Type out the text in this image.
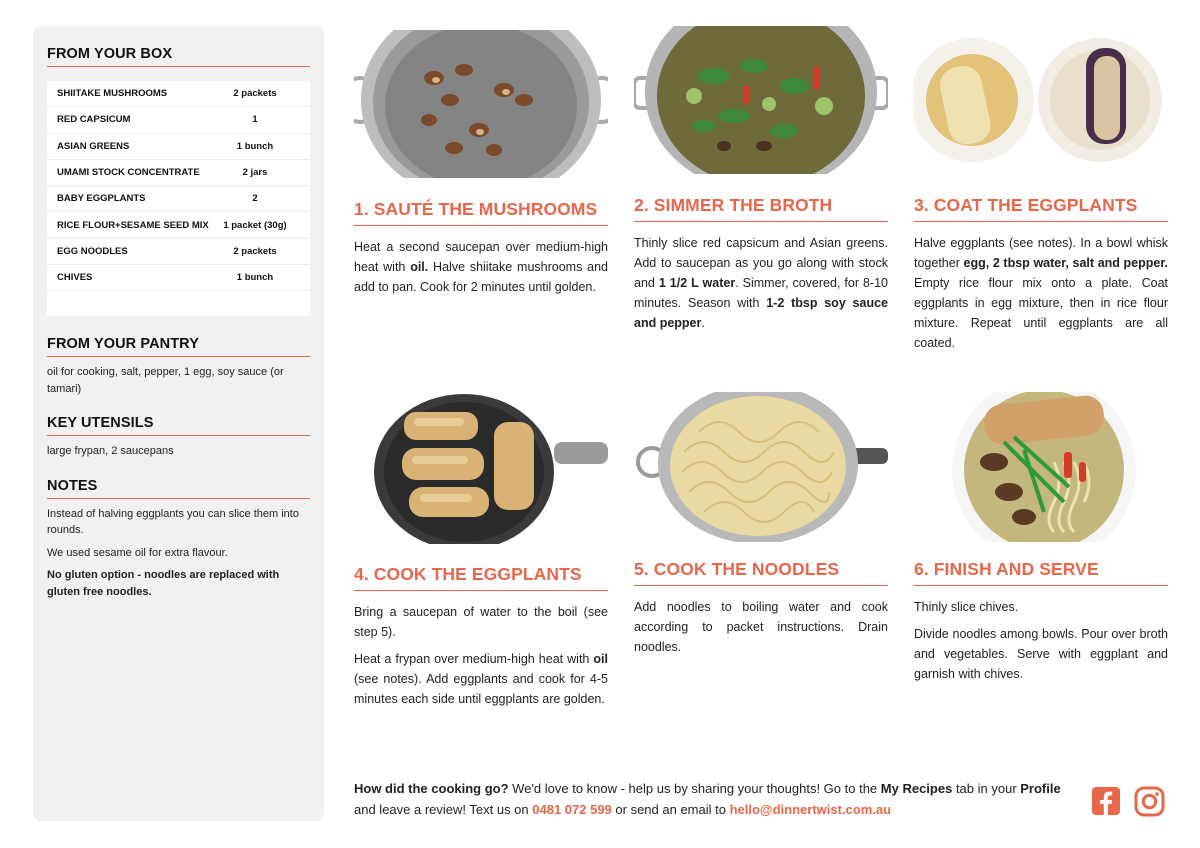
FROM YOUR BOX
SHIITAKE MUSHROOMS	2 packets
RED CAPSICUM	1
ASIAN GREENS	1 bunch
UMAMI STOCK CONCENTRATE	2 jars
BABY EGGPLANTS	2
RICE FLOUR+SESAME SEED MIX	1 packet (30g)
EGG NOODLES	2 packets
CHIVES	1 bunch
FROM YOUR PANTRY
oil for cooking, salt, pepper, 1 egg, soy sauce (or tamari)
KEY UTENSILS
large frypan, 2 saucepans
NOTES

Instead of halving eggplants you can slice them into rounds.

We used sesame oil for extra flavour.

No gluten option - noodles are replaced with gluten free noodles.

1. SAUTÉ THE MUSHROOMS

Heat a second saucepan over medium-high heat with oil. Halve shiitake mushrooms and add to pan. Cook for 2 minutes until golden.

2. SIMMER THE BROTH

Thinly slice red capsicum and Asian greens. Add to saucepan as you go along with stock and 1 1/2 L water. Simmer, covered, for 8-10 minutes. Season with 1-2 tbsp soy sauce and pepper.

3. COAT THE EGGPLANTS

Halve eggplants (see notes). In a bowl whisk together egg, 2 tbsp water, salt and pepper. Empty rice flour mix onto a plate. Coat eggplants in egg mixture, then in rice flour mixture. Repeat until eggplants are all coated.

4. COOK THE EGGPLANTS

Bring a saucepan of water to the boil (see step 5).

Heat a frypan over medium-high heat with oil (see notes). Add eggplants and cook for 4-5 minutes each side until eggplants are golden.

5. COOK THE NOODLES

Add noodles to boiling water and cook according to packet instructions. Drain noodles.

6. FINISH AND SERVE

Thinly slice chives.

Divide noodles among bowls. Pour over broth and vegetables. Serve with eggplant and garnish with chives.

How did the cooking go? We'd love to know - help us by sharing your thoughts! Go to the My Recipes tab in your Profile and leave a review! Text us on 0481 072 599 or send an email to hello@dinnertwist.com.au
